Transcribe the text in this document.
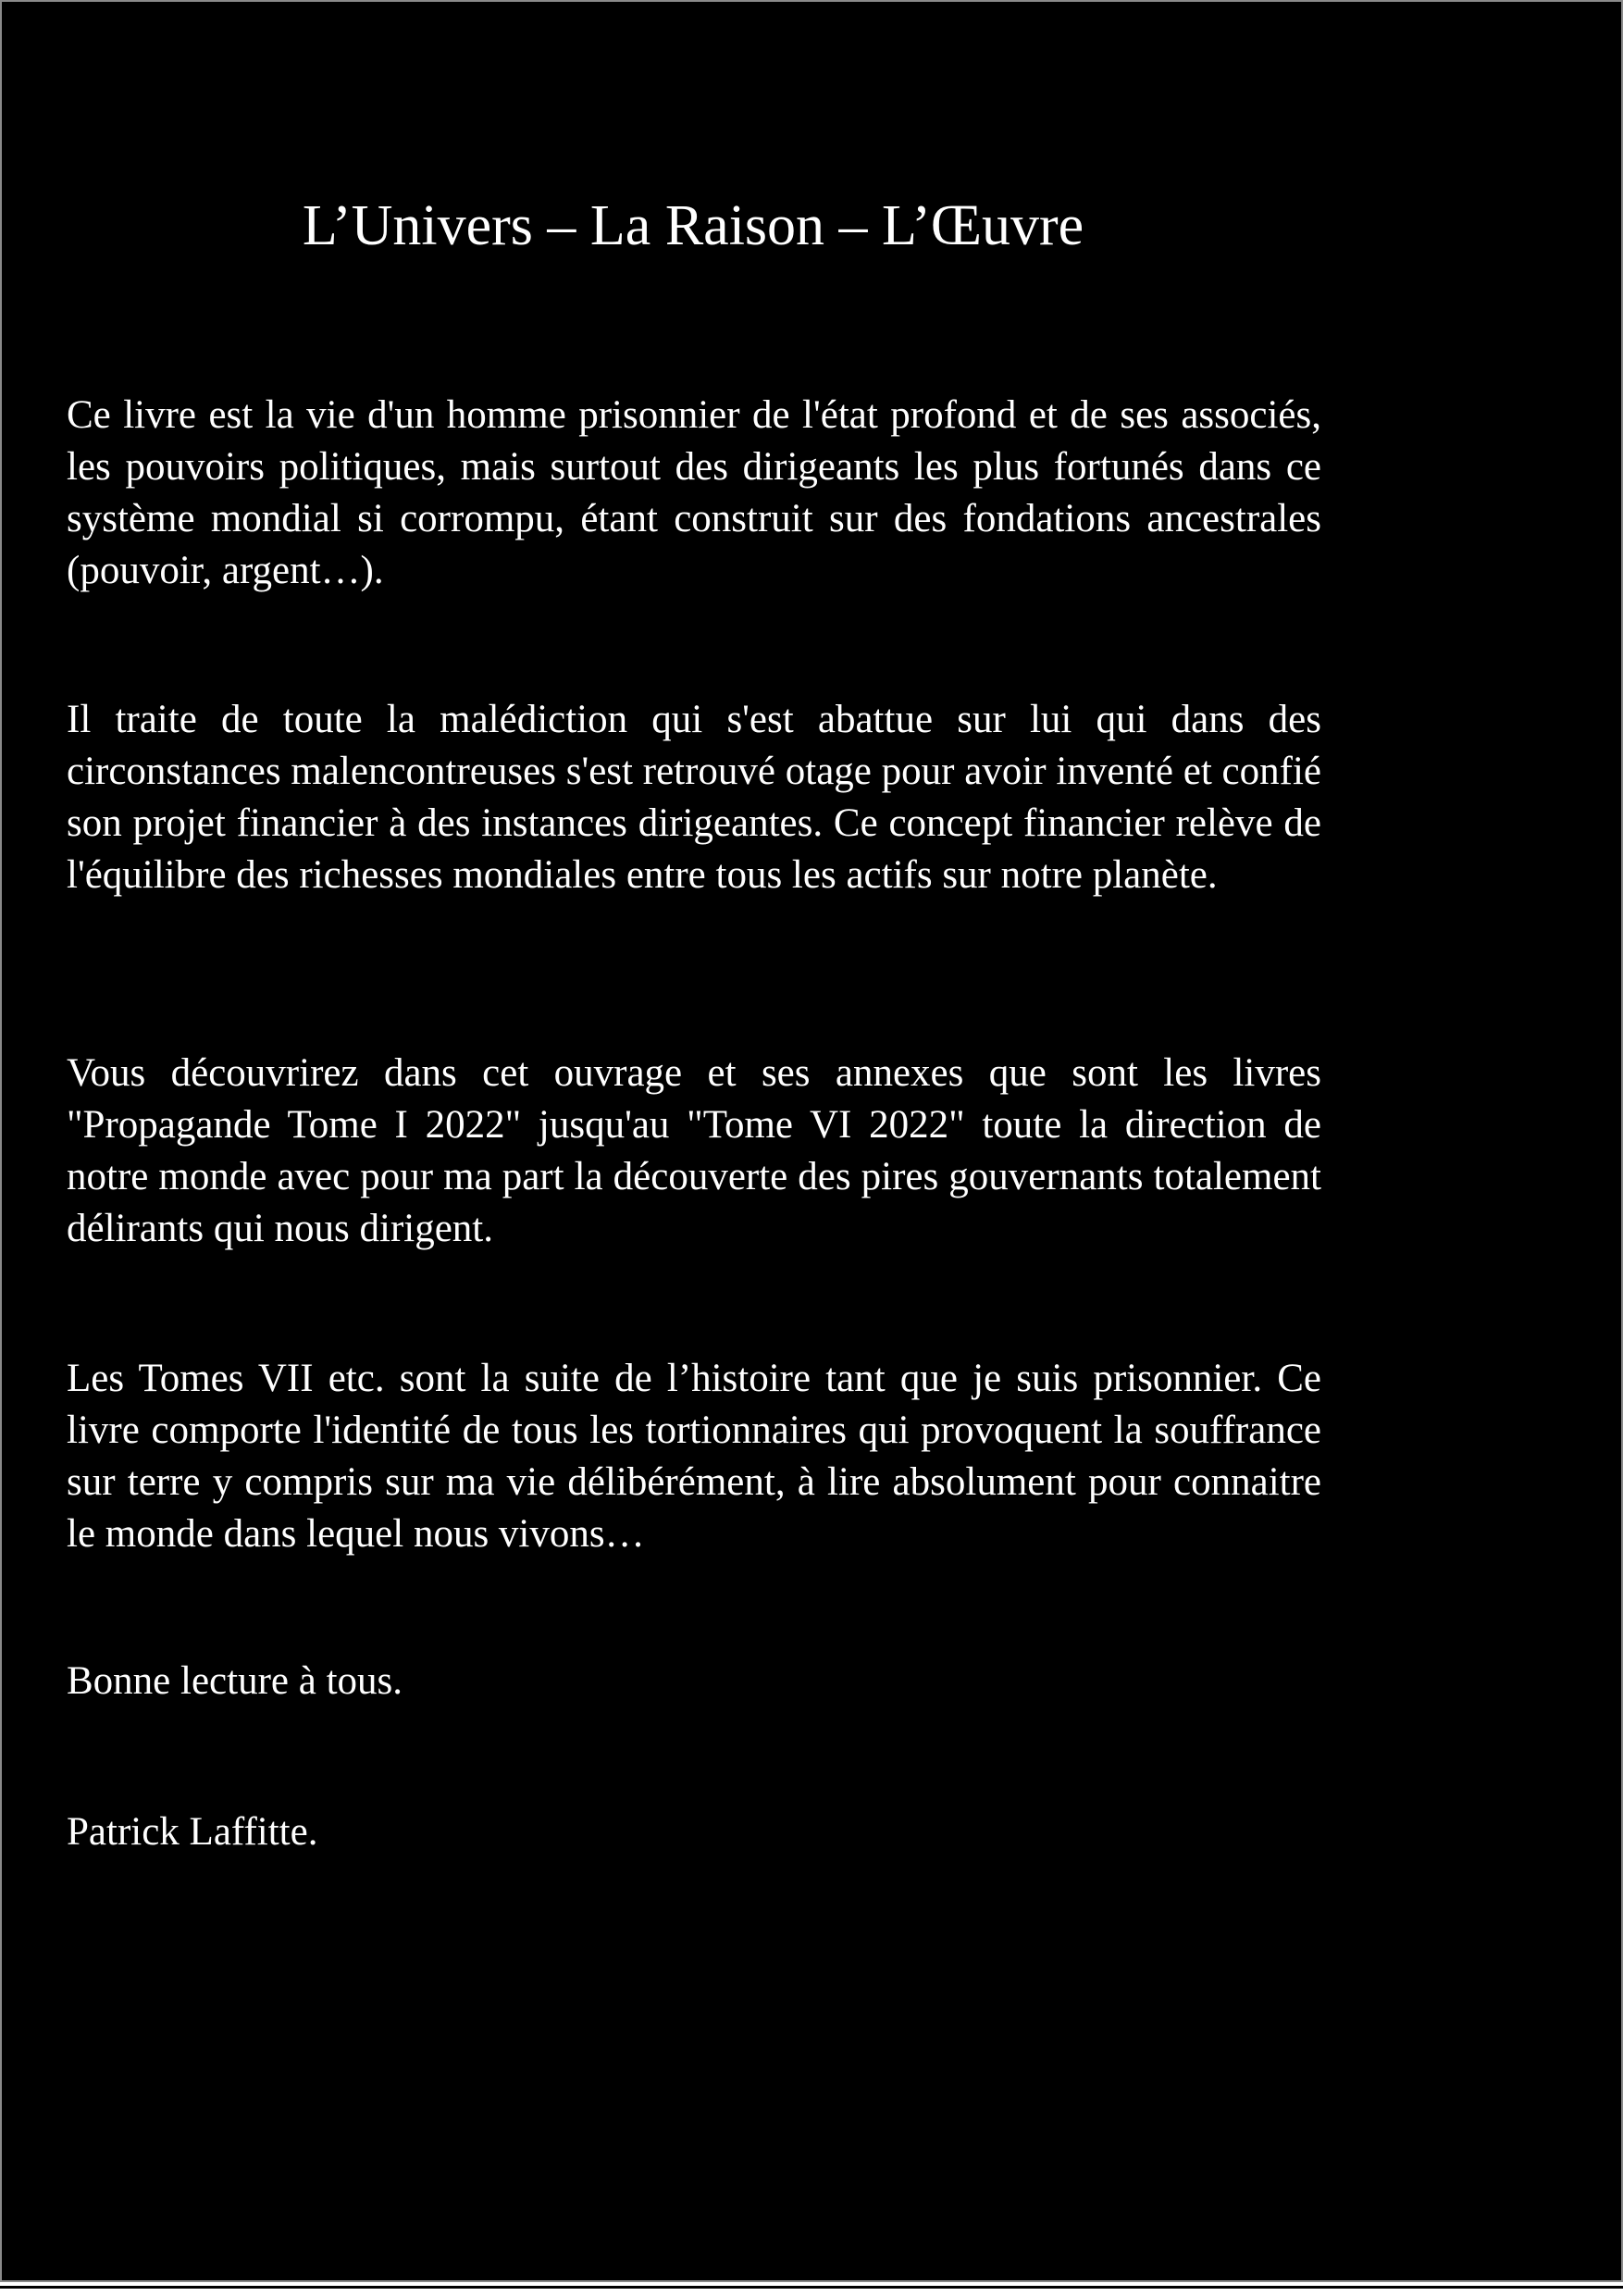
L’Univers – La Raison – L’Œuvre

Ce livre est la vie d'un homme prisonnier de l'état profond et de ses associés, les pouvoirs politiques, mais surtout des dirigeants les plus fortunés dans ce système mondial si corrompu, étant construit sur des fondations ancestrales (pouvoir, argent…).

Il traite de toute la malédiction qui s'est abattue sur lui qui dans des circonstances malencontreuses s'est retrouvé otage pour avoir inventé et confié son projet financier à des instances dirigeantes. Ce concept financier relève de l'équilibre des richesses mondiales entre tous les actifs sur notre planète.

Vous découvrirez dans cet ouvrage et ses annexes que sont les livres "Propagande Tome I 2022" jusqu'au "Tome VI 2022" toute la direction de notre monde avec pour ma part la découverte des pires gouvernants totalement délirants qui nous dirigent.

Les Tomes VII etc. sont la suite de l’histoire tant que je suis prisonnier. Ce livre comporte l'identité de tous les tortionnaires qui provoquent la souffrance sur terre y compris sur ma vie délibérément, à lire absolument pour connaitre le monde dans lequel nous vivons…

Bonne lecture à tous.

Patrick Laffitte.
